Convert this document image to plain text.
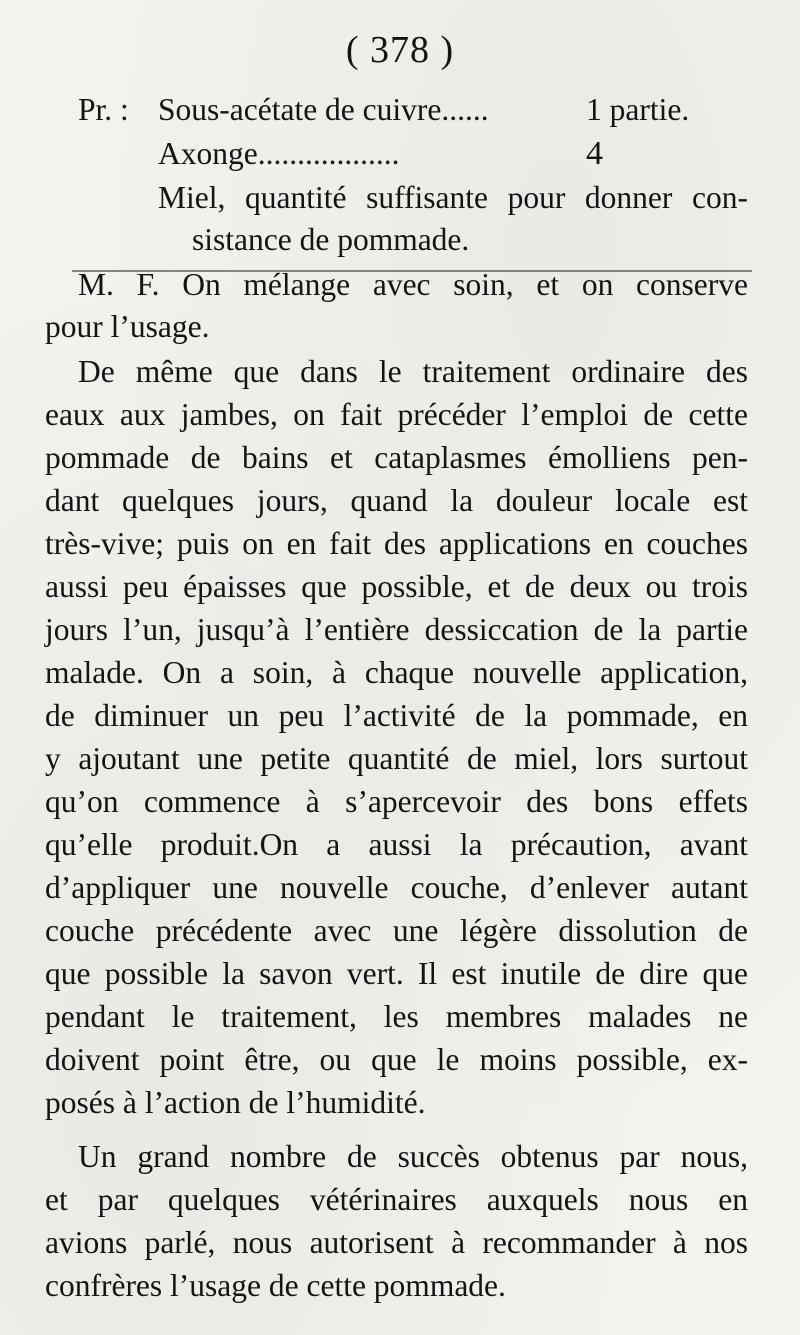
( 378 )
Pr. : Sous-acétate de cuivre......	1 partie.
Axonge..................	4
Miel, quantité suffisante pour donner con-
sistance de pommade.
M. F. On mélange avec soin, et on conserve
pour l’usage.
De même que dans le traitement ordinaire des
eaux aux jambes, on fait précéder l’emploi de cette
pommade de bains et cataplasmes émolliens pen-
dant quelques jours, quand la douleur locale est
très-vive; puis on en fait des applications en couches
aussi peu épaisses que possible, et de deux ou trois
jours l’un, jusqu’à l’entière dessiccation de la partie
malade. On a soin, à chaque nouvelle application,
de diminuer un peu l’activité de la pommade, en
y ajoutant une petite quantité de miel, lors surtout
qu’on commence à s’apercevoir des bons effets
qu’elle produit.On a aussi la précaution, avant
d’appliquer une nouvelle couche, d’enlever autant
couche précédente avec une légère dissolution de
que possible la savon vert. Il est inutile de dire que
pendant le traitement, les membres malades ne
doivent point être, ou que le moins possible, ex-
posés à l’action de l’humidité.
Un grand nombre de succès obtenus par nous,
et par quelques vétérinaires auxquels nous en
avions parlé, nous autorisent à recommander à nos
confrères l’usage de cette pommade.
